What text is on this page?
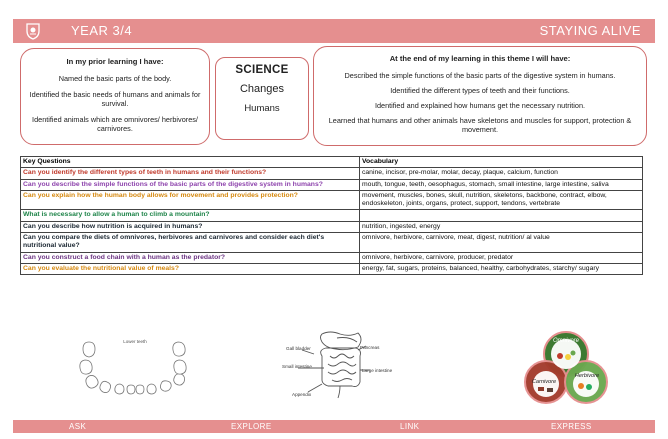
YEAR 3/4	STAYING ALIVE
In my prior learning I have:

Named the basic parts of the body.

Identified the basic needs of humans and animals for survival.

Identified animals which are omnivores/ herbivores/ carnivores.

SCIENCE
Changes
Humans
At the end of my learning in this theme I will have:

Described the simple functions of the basic parts of the digestive system in humans.

Identified the different types of teeth and their functions.

Identified and explained how humans get the necessary nutrition.

Learned that humans and other animals have skeletons and muscles for support, protection & movement.

Key Questions	Vocabulary
Can you identify the different types of teeth in humans and their functions?	canine, incisor, pre-molar, molar, decay, plaque, calcium, function
Can you describe the simple functions of the basic parts of the digestive system in humans?	mouth, tongue, teeth, oesophagus, stomach, small intestine, large intestine, saliva
Can you explain how the human body allows for movement and provides protection?	movement, muscles, bones, skull, nutrition, skeletons, backbone, contract, elbow, endoskeleton, joints, organs, protect, support, tendons, vertebrate
What is necessary to allow a human to climb a mountain?	
Can you describe how nutrition is acquired in humans?	nutrition, ingested, energy
Can you compare the diets of omnivores, herbivores and carnivores and consider each diet's nutritional value?	omnivore, herbivore, carnivore, meat, digest, nutrition/ al value
Can you construct a food chain with a human as the predator?	omnivore, herbivore, carnivore, producer, predator
Can you evaluate the nutritional value of meals?	energy, fat, sugars, proteins, balanced, healthy, carbohydrates, starchy/ sugary
Lower teeth
Gall bladder	Pancreas
Small intestine
Large intestine
Appendix
Omnivore
Carnivore
Herbivore
ASK	EXPLORE	LINK	EXPRESS
